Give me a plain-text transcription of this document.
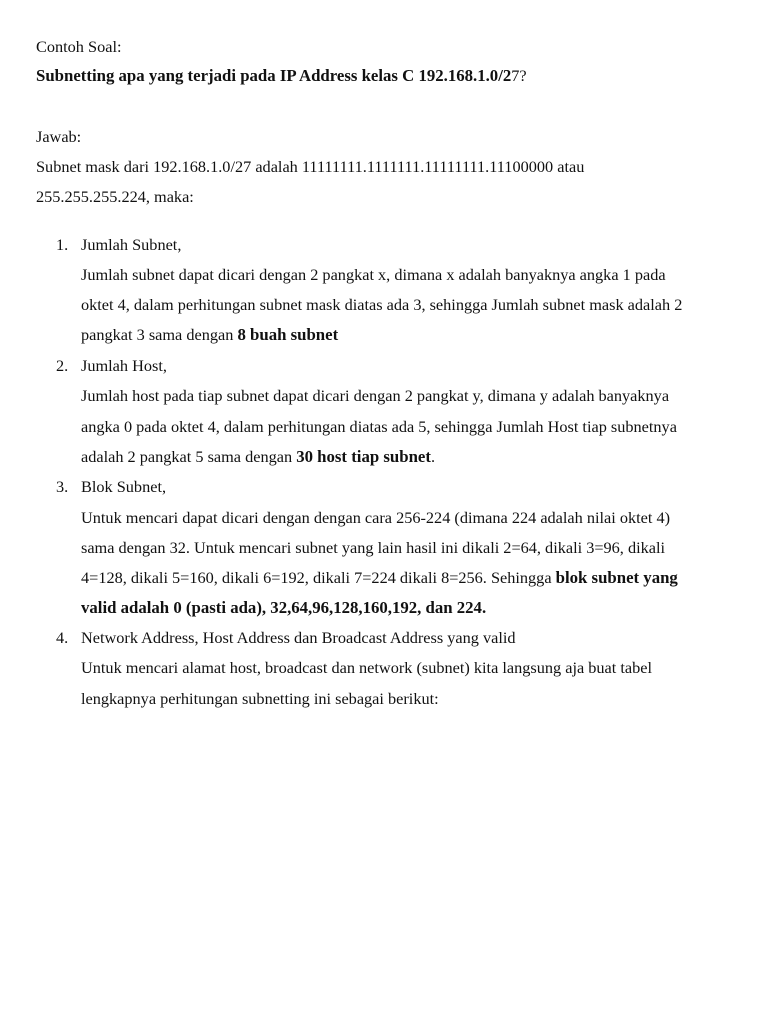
Contoh Soal:
Subnetting apa yang terjadi pada IP Address kelas C 192.168.1.0/27?
Jawab:
Subnet mask dari 192.168.1.0/27 adalah 11111111.1111111.11111111.11100000 atau
255.255.255.224, maka:
1. Jumlah Subnet,
Jumlah subnet dapat dicari dengan 2 pangkat x, dimana x adalah banyaknya angka 1 pada
oktet 4, dalam perhitungan subnet mask diatas ada 3, sehingga Jumlah subnet mask adalah 2
pangkat 3 sama dengan 8 buah subnet
2. Jumlah Host,
Jumlah host pada tiap subnet dapat dicari dengan 2 pangkat y, dimana y adalah banyaknya
angka 0 pada oktet 4, dalam perhitungan diatas ada 5, sehingga Jumlah Host tiap subnetnya
adalah 2 pangkat 5 sama dengan 30 host tiap subnet.
3. Blok Subnet,
Untuk mencari dapat dicari dengan dengan cara 256-224 (dimana 224 adalah nilai oktet 4)
sama dengan 32. Untuk mencari subnet yang lain hasil ini dikali 2=64, dikali 3=96, dikali
4=128, dikali 5=160, dikali 6=192, dikali 7=224 dikali 8=256. Sehingga blok subnet yang
valid adalah 0 (pasti ada), 32,64,96,128,160,192, dan 224.
4. Network Address, Host Address dan Broadcast Address yang valid
Untuk mencari alamat host, broadcast dan network (subnet) kita langsung aja buat tabel
lengkapnya perhitungan subnetting ini sebagai berikut:
